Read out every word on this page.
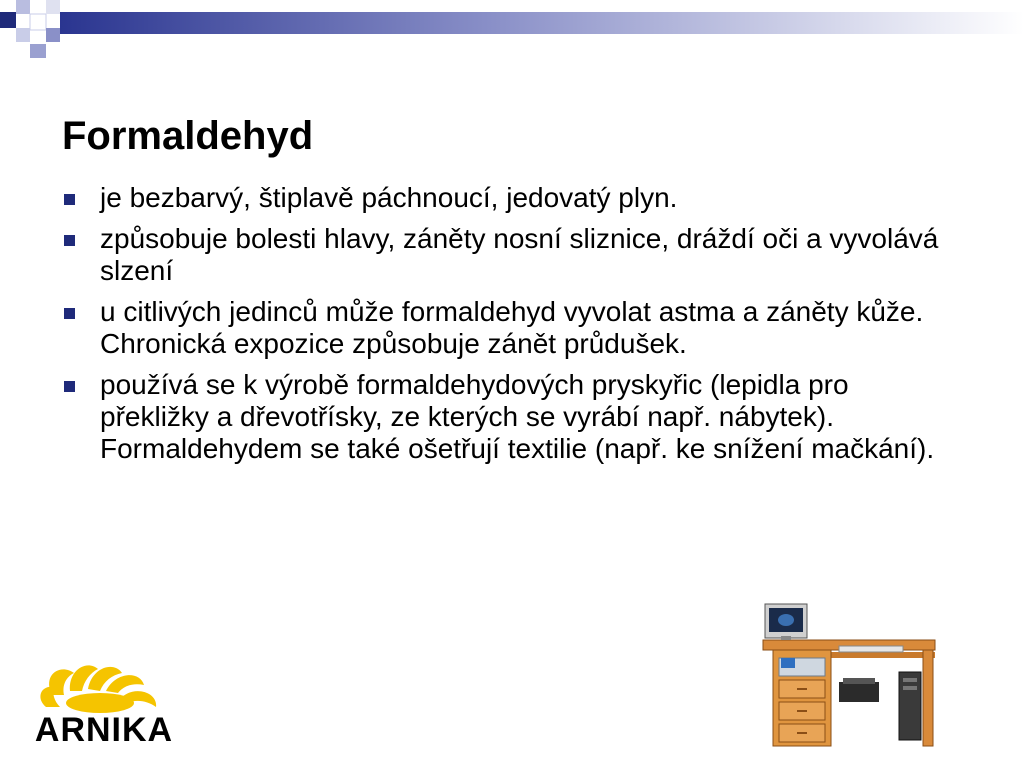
Formaldehyd
je bezbarvý, štiplavě páchnoucí, jedovatý plyn.
způsobuje bolesti hlavy, záněty nosní sliznice, dráždí oči a vyvolává slzení
u citlivých jedinců může formaldehyd vyvolat astma a záněty kůže. Chronická expozice způsobuje zánět průdušek.
používá se k výrobě formaldehydových pryskyřic (lepidla pro překližky a dřevotřísky, ze kterých se vyrábí např. nábytek). Formaldehydem se také ošetřují textilie (např. ke snížení mačkání).
ARNIKA
